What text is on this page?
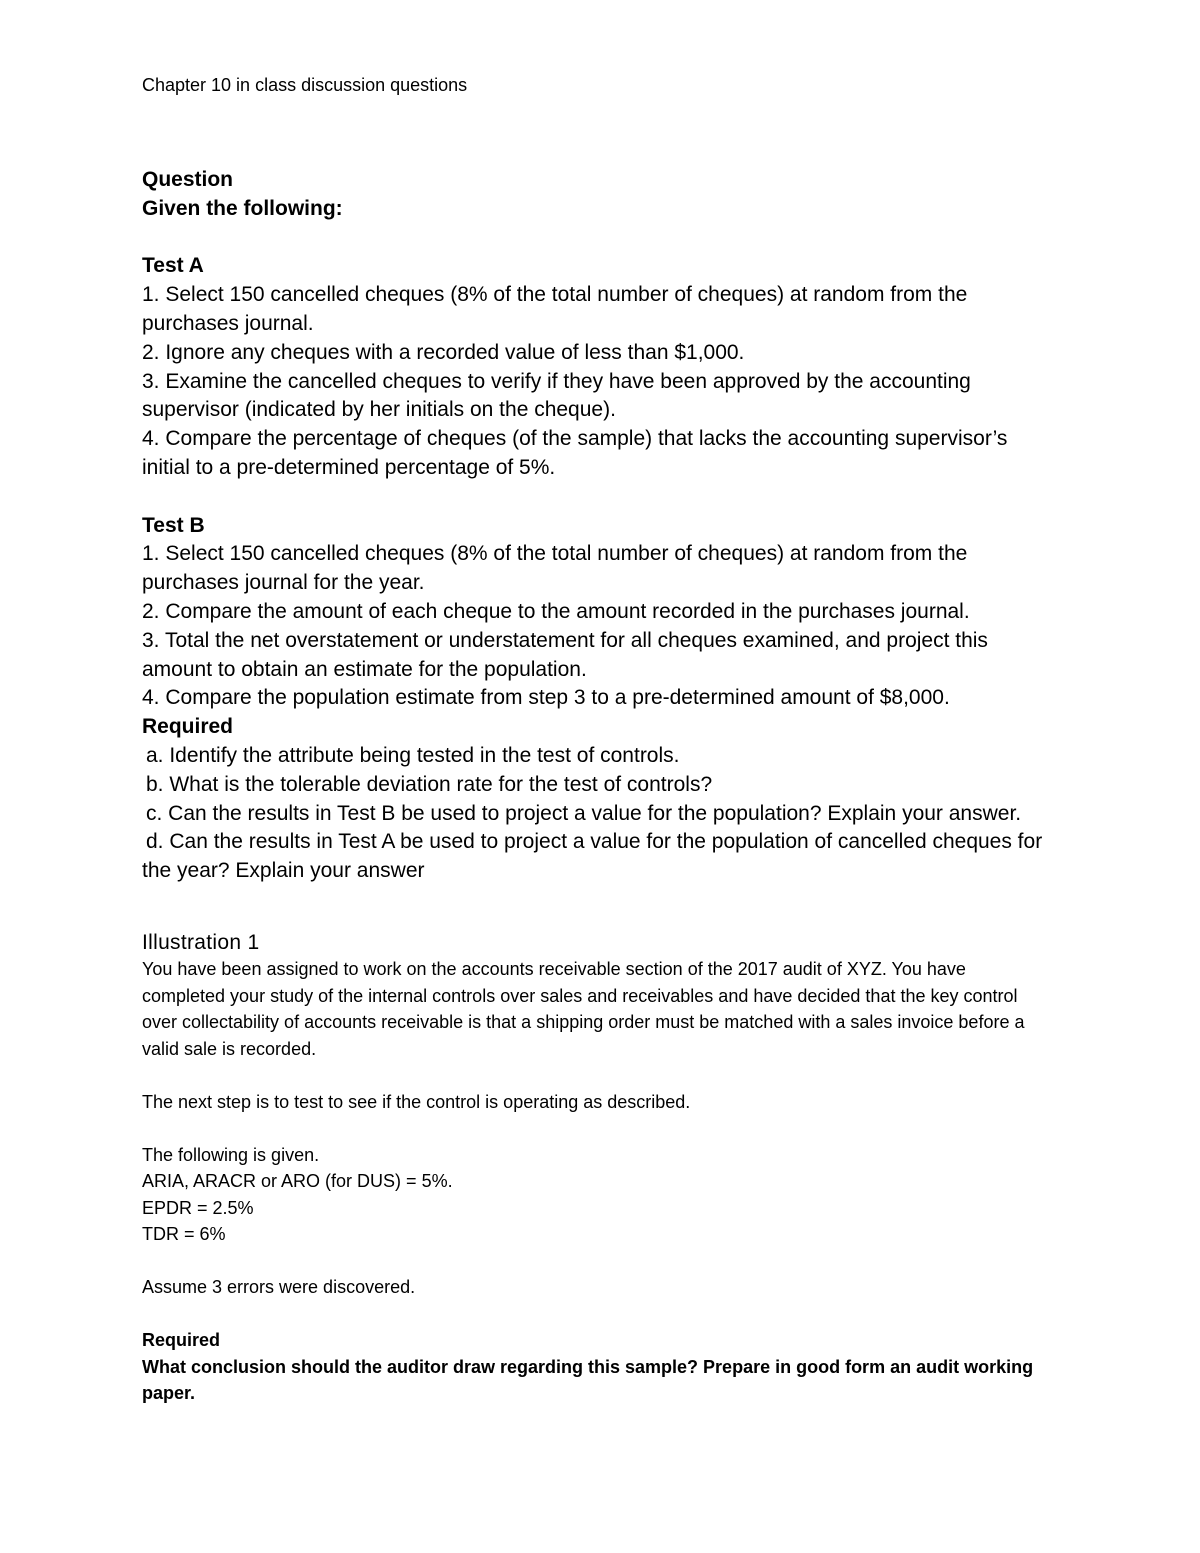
Chapter 10 in class discussion questions

Question

Given the following:

Test A

1. Select 150 cancelled cheques (8% of the total number of cheques) at random from the purchases journal.

2. Ignore any cheques with a recorded value of less than $1,000.

3. Examine the cancelled cheques to verify if they have been approved by the accounting supervisor (indicated by her initials on the cheque).

4. Compare the percentage of cheques (of the sample) that lacks the accounting supervisor’s initial to a pre-determined percentage of 5%.

Test B

1. Select 150 cancelled cheques (8% of the total number of cheques) at random from the purchases journal for the year.

2. Compare the amount of each cheque to the amount recorded in the purchases journal.

3. Total the net overstatement or understatement for all cheques examined, and project this amount to obtain an estimate for the population.

4. Compare the population estimate from step 3 to a pre-determined amount of $8,000.

Required

a. Identify the attribute being tested in the test of controls.

b. What is the tolerable deviation rate for the test of controls?

c. Can the results in Test B be used to project a value for the population? Explain your answer.

d. Can the results in Test A be used to project a value for the population of cancelled cheques for the year? Explain your answer

Illustration 1

You have been assigned to work on the accounts receivable section of the 2017 audit of XYZ. You have completed your study of the internal controls over sales and receivables and have decided that the key control over collectability of accounts receivable is that a shipping order must be matched with a sales invoice before a valid sale is recorded.

The next step is to test to see if the control is operating as described.

The following is given.

ARIA, ARACR or ARO (for DUS) = 5%.

EPDR = 2.5%

TDR = 6%

Assume 3 errors were discovered.

Required

What conclusion should the auditor draw regarding this sample? Prepare in good form an audit working paper.
